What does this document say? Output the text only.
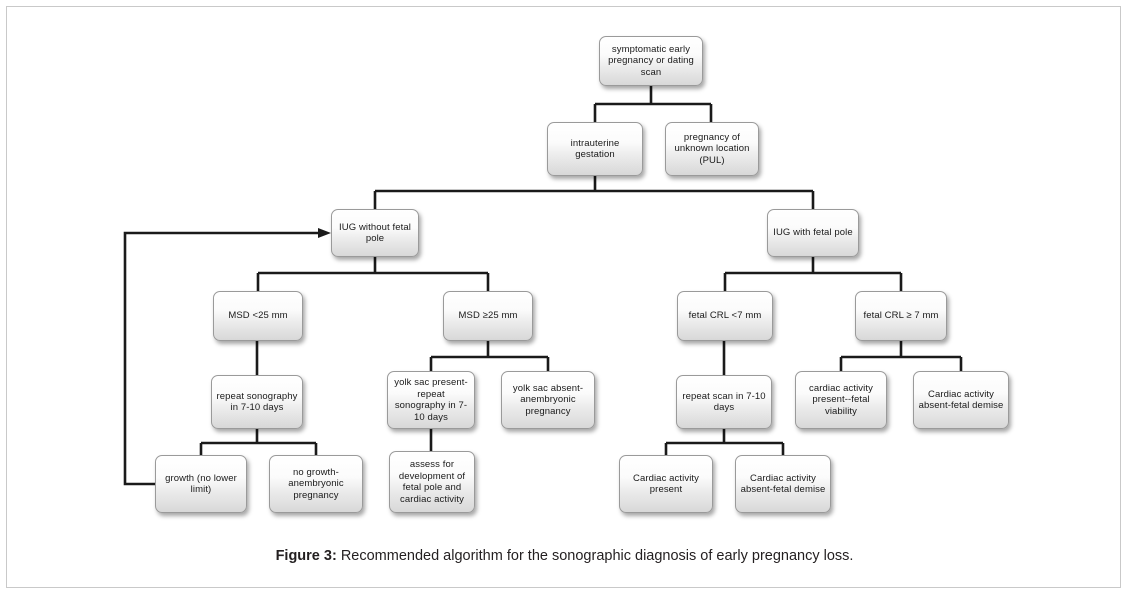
symptomatic early pregnancy or dating scan
intrauterine gestation
pregnancy of unknown location (PUL)
IUG without fetal pole
IUG with fetal pole
MSD <25 mm	MSD ≥25 mm	fetal CRL <7 mm	fetal CRL ≥ 7 mm
repeat sonography in 7-10 days
yolk sac present- repeat sonography in 7-10 days
yolk sac absent- anembryonic pregnancy
repeat scan in 7-10 days
cardiac activity present--fetal viability
Cardiac activity absent-fetal demise
growth (no lower limit)
no growth- anembryonic pregnancy
assess for development of fetal pole and cardiac activity
Cardiac activity present
Cardiac activity absent-fetal demise
Figure 3: Recommended algorithm for the sonographic diagnosis of early pregnancy loss.
